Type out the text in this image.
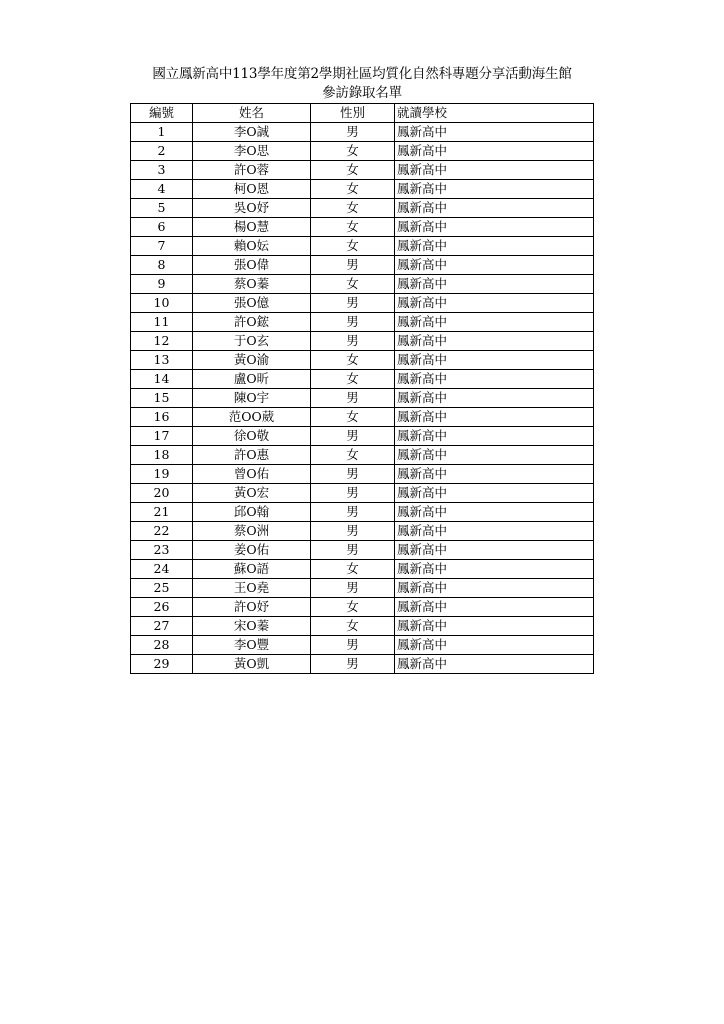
國立鳳新高中113學年度第2學期社區均質化自然科專題分享活動海生館
參訪錄取名單
編號	姓名	性別	就讀學校
1	李O誠	男	鳳新高中
2	李O思	女	鳳新高中
3	許O蓉	女	鳳新高中
4	柯O恩	女	鳳新高中
5	吳O妤	女	鳳新高中
6	楊O慧	女	鳳新高中
7	賴O妘	女	鳳新高中
8	張O偉	男	鳳新高中
9	蔡O蓁	女	鳳新高中
10	張O億	男	鳳新高中
11	許O鋐	男	鳳新高中
12	于O玄	男	鳳新高中
13	黃O渝	女	鳳新高中
14	盧O昕	女	鳳新高中
15	陳O宇	男	鳳新高中
16	范OO葳	女	鳳新高中
17	徐O敬	男	鳳新高中
18	許O惠	女	鳳新高中
19	曾O佑	男	鳳新高中
20	黃O宏	男	鳳新高中
21	邱O翰	男	鳳新高中
22	蔡O洲	男	鳳新高中
23	姜O佑	男	鳳新高中
24	蘇O語	女	鳳新高中
25	王O堯	男	鳳新高中
26	許O妤	女	鳳新高中
27	宋O蓁	女	鳳新高中
28	李O豐	男	鳳新高中
29	黃O凱	男	鳳新高中
